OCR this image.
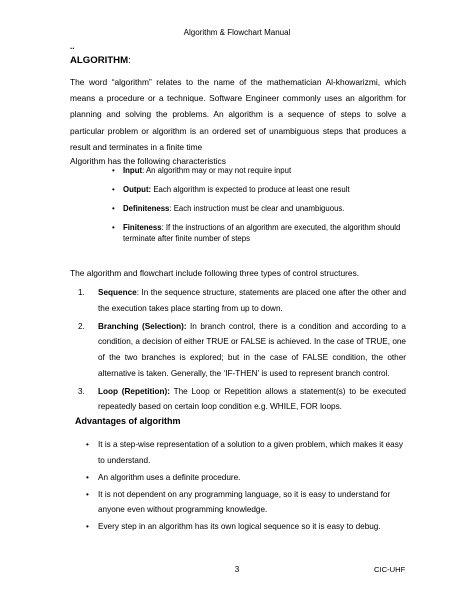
Algorithm & Flowchart Manual
..
ALGORITHM:
The word “algorithm” relates to the name of the mathematician Al-khowarizmi, which means a procedure or a technique. Software Engineer commonly uses an algorithm for planning and solving the problems. An algorithm is a sequence of steps to solve a particular problem or algorithm is an ordered set of unambiguous steps that produces a result and terminates in a finite time
Algorithm has the following characteristics
• Input: An algorithm may or may not require input
• Output: Each algorithm is expected to produce at least one result
• Definiteness: Each instruction must be clear and unambiguous.
• Finiteness: If the instructions of an algorithm are executed, the algorithm should terminate after finite number of steps
The algorithm and flowchart include following three types of control structures.
1. Sequence: In the sequence structure, statements are placed one after the other and the execution takes place starting from up to down.
2. Branching (Selection): In branch control, there is a condition and according to a condition, a decision of either TRUE or FALSE is achieved. In the case of TRUE, one of the two branches is explored; but in the case of FALSE condition, the other alternative is taken. Generally, the ‘IF-THEN’ is used to represent branch control.
3. Loop (Repetition): The Loop or Repetition allows a statement(s) to be executed repeatedly based on certain loop condition e.g. WHILE, FOR loops.
Advantages of algorithm
• It is a step-wise representation of a solution to a given problem, which makes it easy to understand.
• An algorithm uses a definite procedure.
• It is not dependent on any programming language, so it is easy to understand for anyone even without programming knowledge.
• Every step in an algorithm has its own logical sequence so it is easy to debug.
3	CIC-UHF
